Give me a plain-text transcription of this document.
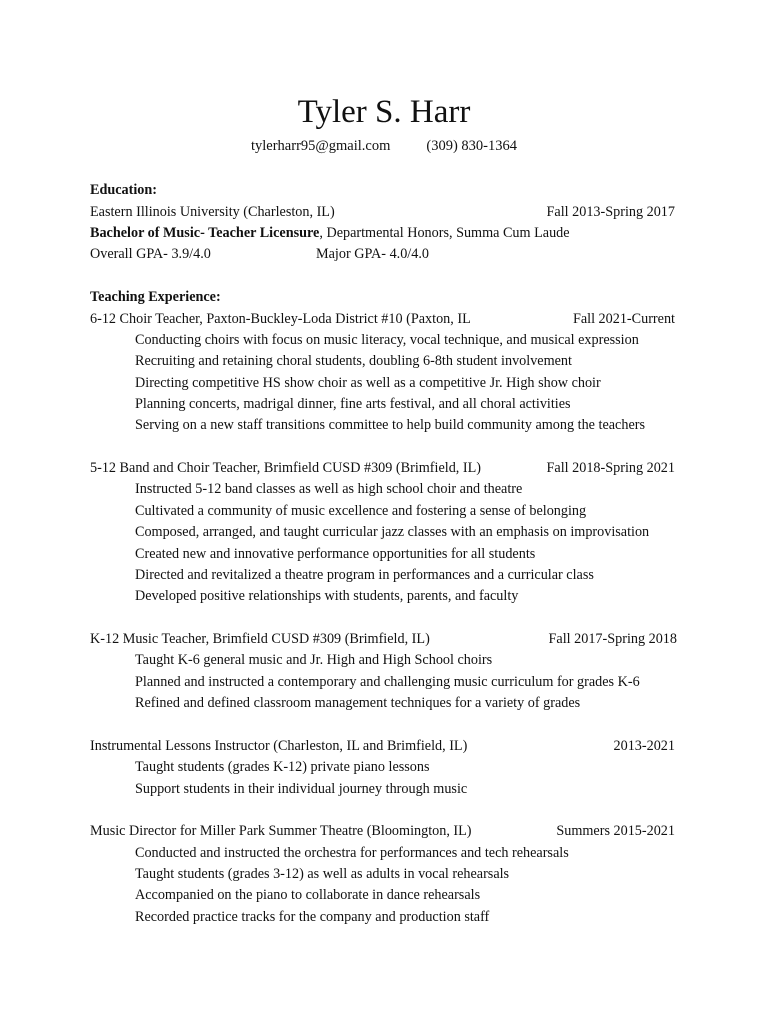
Tyler S. Harr
tylerharr95@gmail.com (309) 830-1364
Education:
Eastern Illinois University (Charleston, IL)	Fall 2013-Spring 2017
Bachelor of Music- Teacher Licensure, Departmental Honors, Summa Cum Laude
Overall GPA- 3.9/4.0	Major GPA- 4.0/4.0
Teaching Experience:
6-12 Choir Teacher, Paxton-Buckley-Loda District #10 (Paxton, IL	Fall 2021-Current
Conducting choirs with focus on music literacy, vocal technique, and musical expression
Recruiting and retaining choral students, doubling 6-8th student involvement
Directing competitive HS show choir as well as a competitive Jr. High show choir
Planning concerts, madrigal dinner, fine arts festival, and all choral activities
Serving on a new staff transitions committee to help build community among the teachers
5-12 Band and Choir Teacher, Brimfield CUSD #309 (Brimfield, IL)	Fall 2018-Spring 2021
Instructed 5-12 band classes as well as high school choir and theatre
Cultivated a community of music excellence and fostering a sense of belonging
Composed, arranged, and taught curricular jazz classes with an emphasis on improvisation
Created new and innovative performance opportunities for all students
Directed and revitalized a theatre program in performances and a curricular class
Developed positive relationships with students, parents, and faculty
K-12 Music Teacher, Brimfield CUSD #309 (Brimfield, IL)	Fall 2017-Spring 2018
Taught K-6 general music and Jr. High and High School choirs
Planned and instructed a contemporary and challenging music curriculum for grades K-6
Refined and defined classroom management techniques for a variety of grades
Instrumental Lessons Instructor (Charleston, IL and Brimfield, IL)	2013-2021
Taught students (grades K-12) private piano lessons
Support students in their individual journey through music
Music Director for Miller Park Summer Theatre (Bloomington, IL)	Summers 2015-2021
Conducted and instructed the orchestra for performances and tech rehearsals
Taught students (grades 3-12) as well as adults in vocal rehearsals
Accompanied on the piano to collaborate in dance rehearsals
Recorded practice tracks for the company and production staff
